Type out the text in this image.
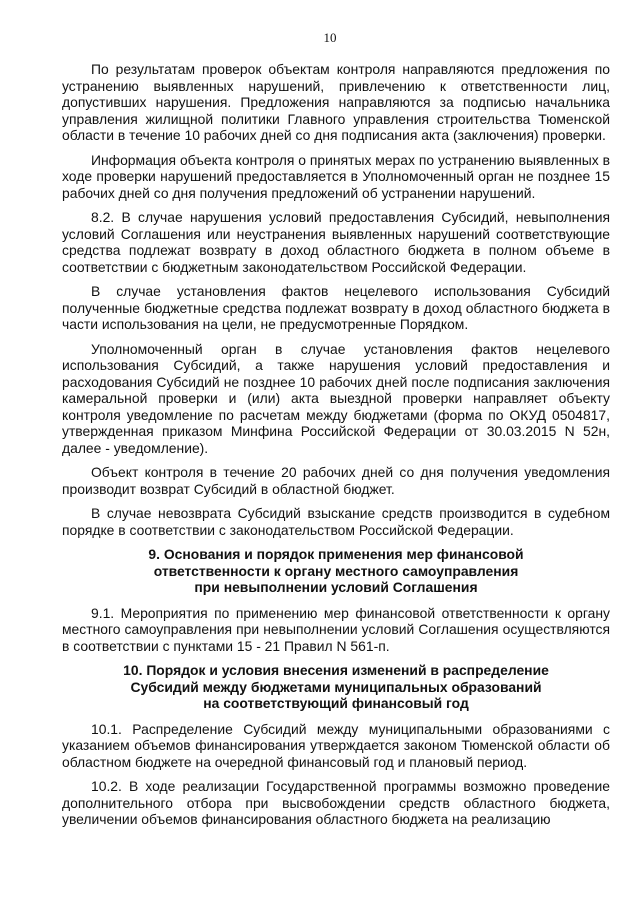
10

По результатам проверок объектам контроля направляются предложения по устранению выявленных нарушений, привлечению к ответственности лиц, допустивших нарушения. Предложения направляются за подписью начальника управления жилищной политики Главного управления строительства Тюменской области в течение 10 рабочих дней со дня подписания акта (заключения) проверки.

Информация объекта контроля о принятых мерах по устранению выявленных в ходе проверки нарушений предоставляется в Уполномоченный орган не позднее 15 рабочих дней со дня получения предложений об устранении нарушений.

8.2. В случае нарушения условий предоставления Субсидий, невыполнения условий Соглашения или неустранения выявленных нарушений соответствующие средства подлежат возврату в доход областного бюджета в полном объеме в соответствии с бюджетным законодательством Российской Федерации.

В случае установления фактов нецелевого использования Субсидий полученные бюджетные средства подлежат возврату в доход областного бюджета в части использования на цели, не предусмотренные Порядком.

Уполномоченный орган в случае установления фактов нецелевого использования Субсидий, а также нарушения условий предоставления и расходования Субсидий не позднее 10 рабочих дней после подписания заключения камеральной проверки и (или) акта выездной проверки направляет объекту контроля уведомление по расчетам между бюджетами (форма по ОКУД 0504817, утвержденная приказом Минфина Российской Федерации от 30.03.2015 N 52н, далее - уведомление).

Объект контроля в течение 20 рабочих дней со дня получения уведомления производит возврат Субсидий в областной бюджет.

В случае невозврата Субсидий взыскание средств производится в судебном порядке в соответствии с законодательством Российской Федерации.

9. Основания и порядок применения мер финансовой
ответственности к органу местного самоуправления
при невыполнении условий Соглашения

9.1. Мероприятия по применению мер финансовой ответственности к органу местного самоуправления при невыполнении условий Соглашения осуществляются в соответствии с пунктами 15 - 21 Правил N 561-п.

10. Порядок и условия внесения изменений в распределение
Субсидий между бюджетами муниципальных образований
на соответствующий финансовый год

10.1. Распределение Субсидий между муниципальными образованиями с указанием объемов финансирования утверждается законом Тюменской области об областном бюджете на очередной финансовый год и плановый период.

10.2. В ходе реализации Государственной программы возможно проведение дополнительного отбора при высвобождении средств областного бюджета, увеличении объемов финансирования областного бюджета на реализацию
